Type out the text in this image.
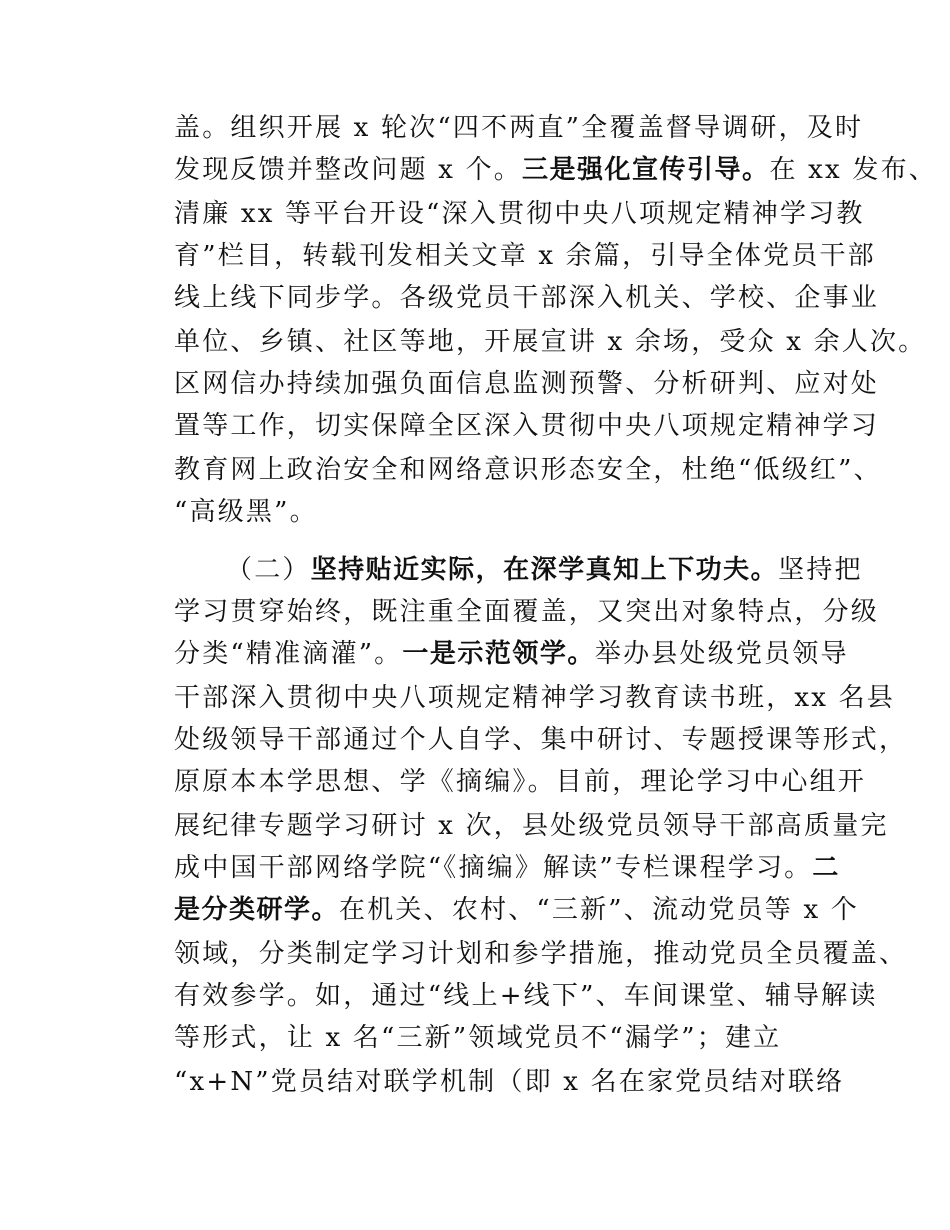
盖。组织开展 x 轮次“四不两直”全覆盖督导调研，及时
发现反馈并整改问题 x 个。三是强化宣传引导。在 xx 发布、
清廉 xx 等平台开设“深入贯彻中央八项规定精神学习教
育”栏目，转载刊发相关文章 x 余篇，引导全体党员干部
线上线下同步学。各级党员干部深入机关、学校、企事业
单位、乡镇、社区等地，开展宣讲 x 余场，受众 x 余人次。
区网信办持续加强负面信息监测预警、分析研判、应对处
置等工作，切实保障全区深入贯彻中央八项规定精神学习
教育网上政治安全和网络意识形态安全，杜绝“低级红”、
“高级黑”。
（二）坚持贴近实际，在深学真知上下功夫。坚持把
学习贯穿始终，既注重全面覆盖，又突出对象特点，分级
分类“精准滴灌”。一是示范领学。举办县处级党员领导
干部深入贯彻中央八项规定精神学习教育读书班，xx 名县
处级领导干部通过个人自学、集中研讨、专题授课等形式，
原原本本学思想、学《摘编》。目前，理论学习中心组开
展纪律专题学习研讨 x 次，县处级党员领导干部高质量完
成中国干部网络学院“《摘编》解读”专栏课程学习。二
是分类研学。在机关、农村、“三新”、流动党员等 x 个
领域，分类制定学习计划和参学措施，推动党员全员覆盖、
有效参学。如，通过“线上+线下”、车间课堂、辅导解读
等形式，让 x 名“三新”领域党员不“漏学”；建立
“x+N”党员结对联学机制（即 x 名在家党员结对联络
